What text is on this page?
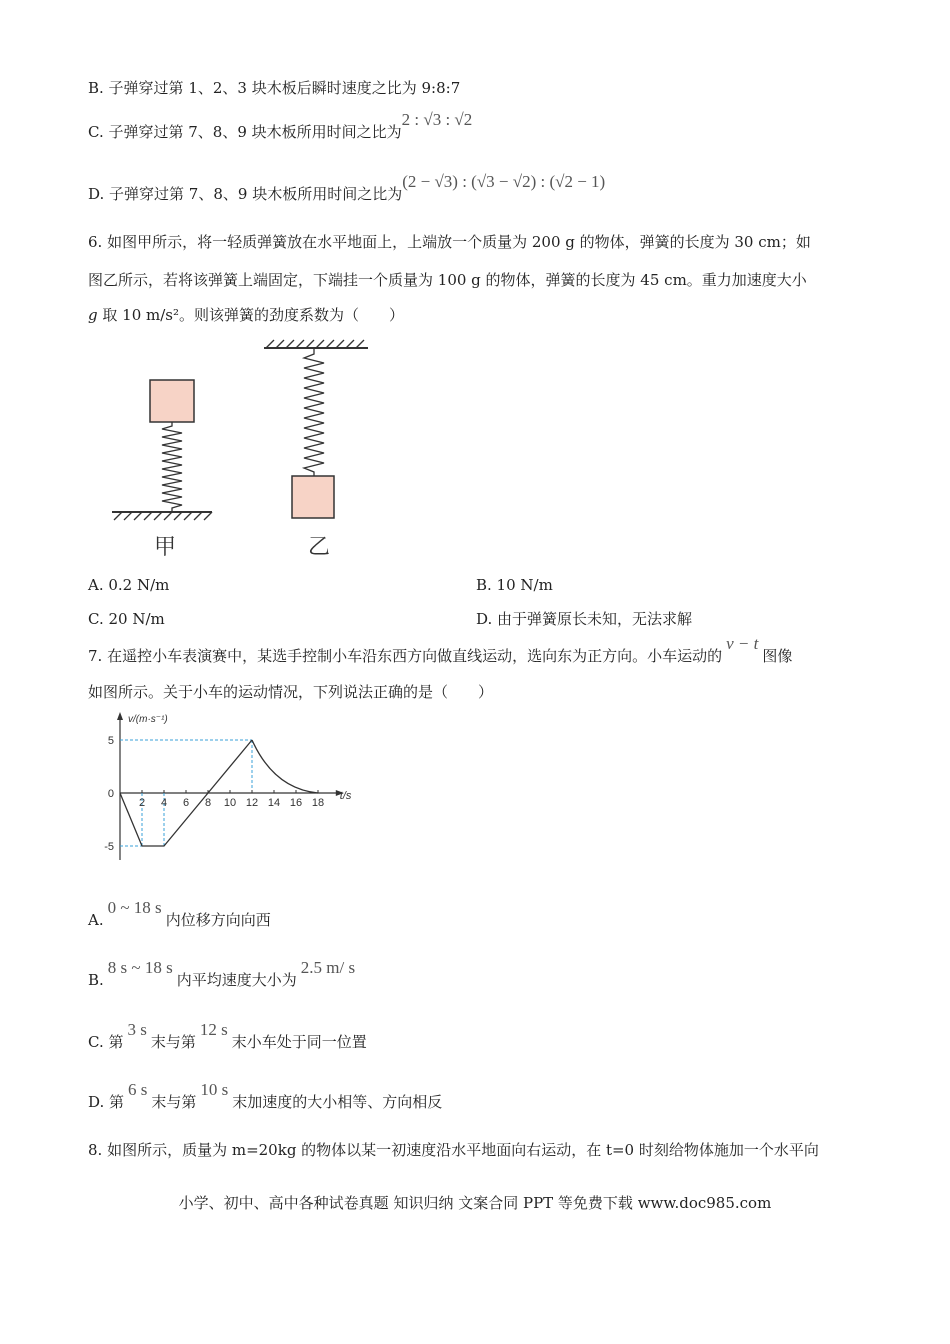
B. 子弹穿过第 1、2、3 块木板后瞬时速度之比为 9:8:7
C. 子弹穿过第 7、8、9 块木板所用时间之比为2 : √3 : √2
D. 子弹穿过第 7、8、9 块木板所用时间之比为(2 − √3) : (√3 − √2) : (√2 − 1)
6. 如图甲所示，将一轻质弹簧放在水平地面上，上端放一个质量为 200 g 的物体，弹簧的长度为 30 cm；如
图乙所示，若将该弹簧上端固定，下端挂一个质量为 100 g 的物体，弹簧的长度为 45 cm。重力加速度大小
g 取 10 m/s²。则该弹簧的劲度系数为（　　）
甲	乙
A. 0.2 N/m	B. 10 N/m
C. 20 N/m	D. 由于弹簧原长未知，无法求解
7. 在遥控小车表演赛中，某选手控制小车沿东西方向做直线运动，选向东为正方向。小车运动的v − t图像
如图所示。关于小车的运动情况，下列说法正确的是（　　）
2 4 6 8 10 12 14 16 18
5
0
-5
v/(m·s⁻¹)
t/s
A.0 ~ 18 s内位移方向向西
B.8 s ~ 18 s内平均速度大小为2.5 m/ s
C. 第3 s末与第12 s末小车处于同一位置
D. 第6 s末与第10 s末加速度的大小相等、方向相反
8. 如图所示，质量为 m=20kg 的物体以某一初速度沿水平地面向右运动，在 t=0 时刻给物体施加一个水平向
小学、初中、高中各种试卷真题 知识归纳 文案合同 PPT 等免费下载 www.doc985.com
